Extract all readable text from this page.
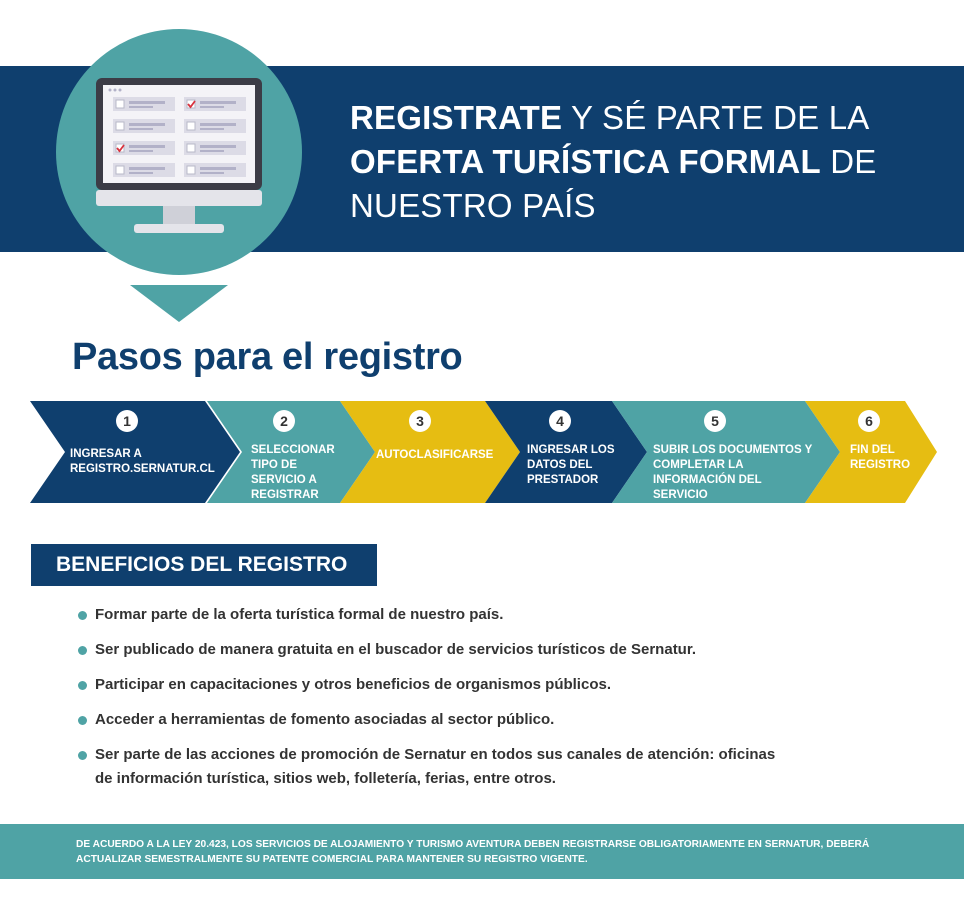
REGISTRATE Y SÉ PARTE DE LA
OFERTA TURÍSTICA FORMAL DE
NUESTRO PAÍS
Pasos para el registro
1
INGRESAR A REGISTRO.SERNATUR.CL
2
SELECCIONAR TIPO DE SERVICIO A REGISTRAR
3
AUTOCLASIFICARSE
4
INGRESAR LOS DATOS DEL PRESTADOR
5
SUBIR LOS DOCUMENTOS Y COMPLETAR LA INFORMACIÓN DEL SERVICIO
6
FIN DEL REGISTRO
BENEFICIOS DEL REGISTRO
Formar parte de la oferta turística formal de nuestro país.
Ser publicado de manera gratuita en el buscador de servicios turísticos de Sernatur.
Participar en capacitaciones y otros beneficios de organismos públicos.
Acceder a herramientas de fomento asociadas al sector público.
Ser parte de las acciones de promoción de Sernatur en todos sus canales de atención: oficinas de información turística, sitios web, folletería, ferias, entre otros.
DE ACUERDO A LA LEY 20.423, LOS SERVICIOS DE ALOJAMIENTO Y TURISMO AVENTURA DEBEN REGISTRARSE OBLIGATORIAMENTE EN SERNATUR, DEBERÁ ACTUALIZAR SEMESTRALMENTE SU PATENTE COMERCIAL PARA MANTENER SU REGISTRO VIGENTE.
